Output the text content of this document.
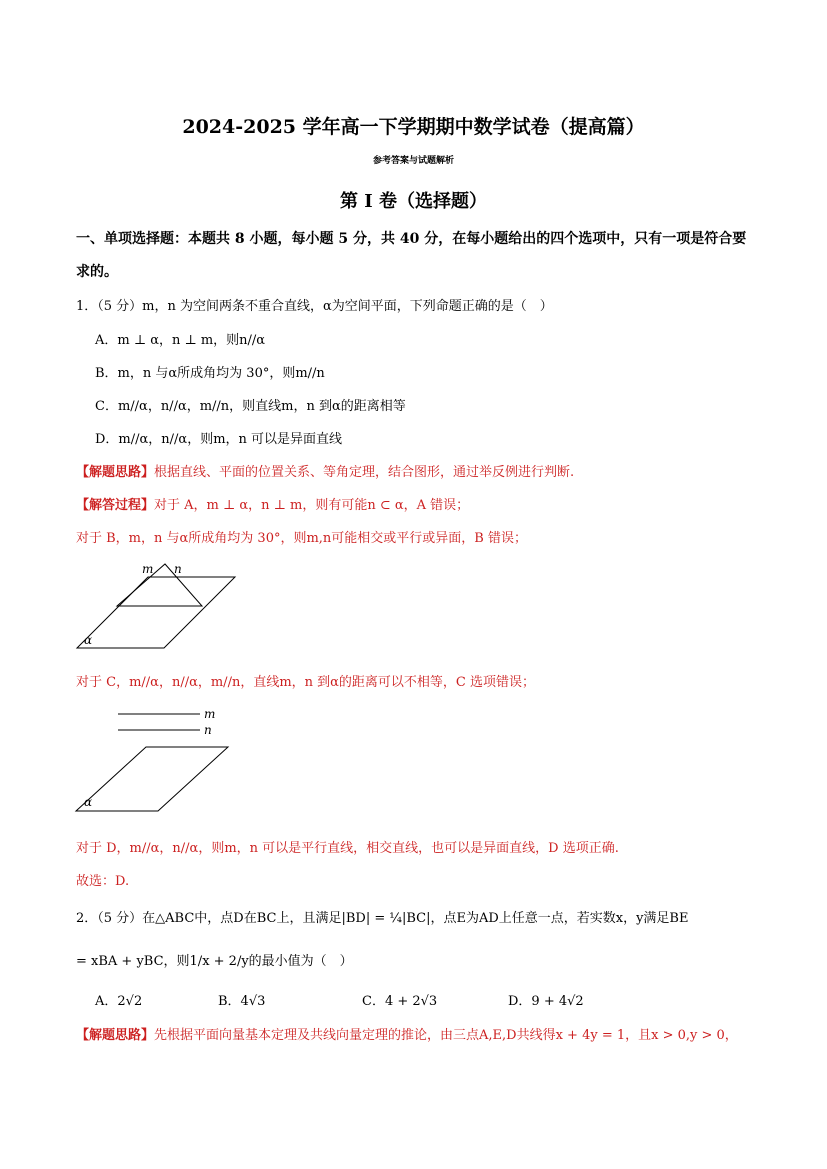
2024-2025 学年高一下学期期中数学试卷（提高篇）
参考答案与试题解析
第 I 卷（选择题）
一、单项选择题：本题共 8 小题，每小题 5 分，共 40 分，在每小题给出的四个选项中，只有一项是符合要
求的。
1．（5 分）m，n 为空间两条不重合直线，α为空间平面，下列命题正确的是（　）
A．m ⊥ α，n ⊥ m，则n//α
B．m，n 与α所成角均为 30°，则m//n
C．m//α，n//α，m//n，则直线m，n 到α的距离相等
D．m//α，n//α，则m，n 可以是异面直线
【解题思路】根据直线、平面的位置关系、等角定理，结合图形，通过举反例进行判断.
【解答过程】对于 A，m ⊥ α，n ⊥ m，则有可能n ⊂ α，A 错误；
对于 B，m，n 与α所成角均为 30°，则m,n可能相交或平行或异面，B 错误；
m n
α
对于 C，m//α，n//α，m//n，直线m，n 到α的距离可以不相等，C 选项错误；
m
n
α
对于 D，m//α，n//α，则m，n 可以是平行直线，相交直线，也可以是异面直线，D 选项正确.
故选：D.
2．（5 分）在△ABC中，点D在BC上，且满足|BD| = ¼|BC|，点E为AD上任意一点，若实数x，y满足BE
= xBA + yBC，则1/x + 2/y的最小值为（　）
A．2√2	B．4√3	C．4 + 2√3	D．9 + 4√2
【解题思路】先根据平面向量基本定理及共线向量定理的推论，由三点A,E,D共线得x + 4y = 1，且x > 0,y > 0，
